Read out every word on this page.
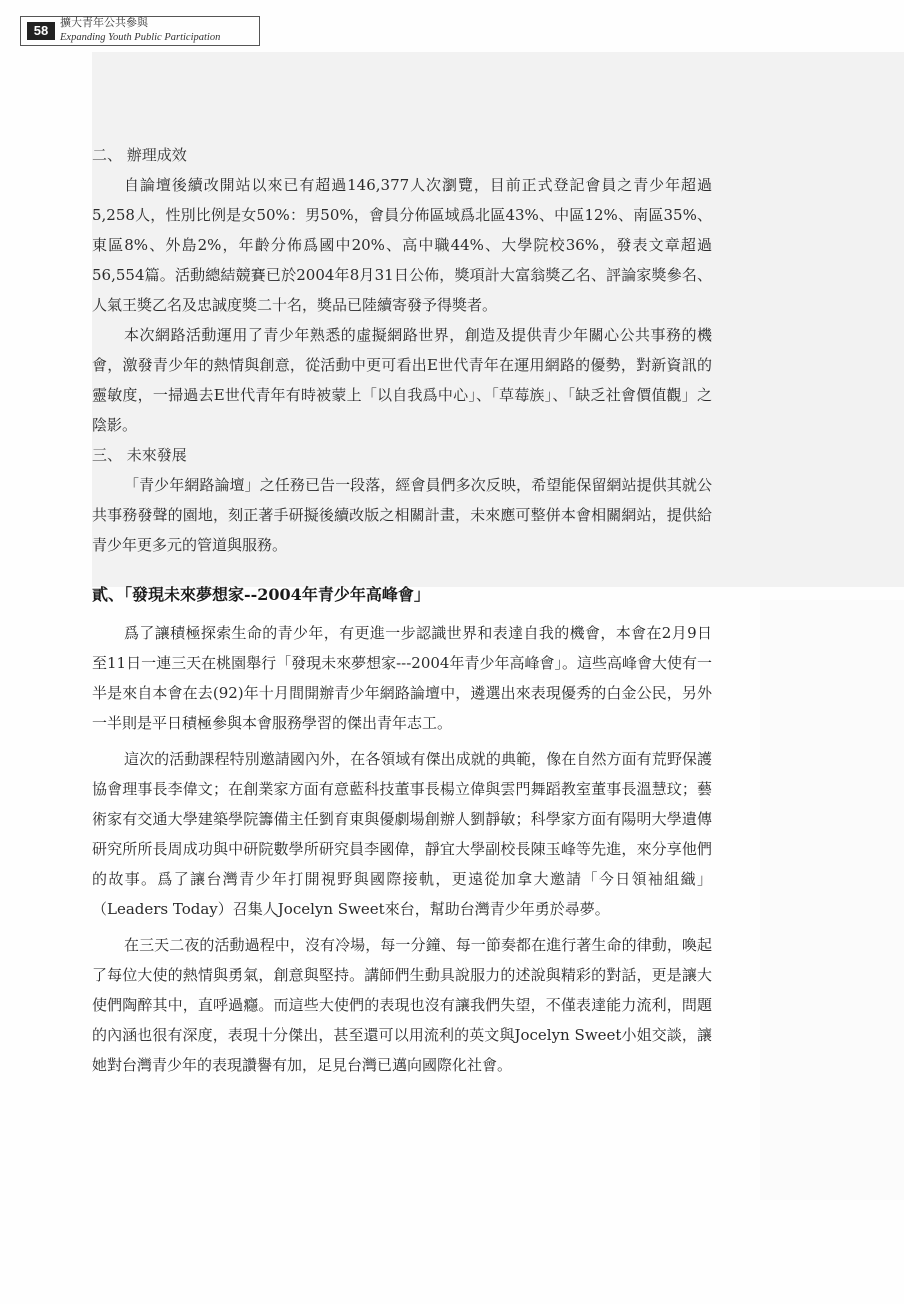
58
擴大青年公共參與
Expanding Youth Public Participation

二、 辦理成效

自論壇後續改開站以來已有超過146,377人次瀏覽，目前正式登記會員之青少年超過5,258人，性別比例是女50%：男50%，會員分佈區域爲北區43%、中區12%、南區35%、東區8%、外島2%，年齡分佈爲國中20%、高中職44%、大學院校36%，發表文章超過56,554篇。活動總結競賽已於2004年8月31日公佈，獎項計大富翁獎乙名、評論家獎參名、人氣王獎乙名及忠誠度獎二十名，獎品已陸續寄發予得獎者。

本次網路活動運用了青少年熟悉的虛擬網路世界，創造及提供青少年關心公共事務的機會，激發青少年的熱情與創意，從活動中更可看出E世代青年在運用網路的優勢，對新資訊的靈敏度，一掃過去E世代青年有時被蒙上「以自我爲中心」、「草莓族」、「缺乏社會價值觀」之陰影。

三、 未來發展

「青少年網路論壇」之任務已告一段落，經會員們多次反映，希望能保留網站提供其就公共事務發聲的園地，刻正著手研擬後續改版之相關計畫，未來應可整併本會相關網站，提供給青少年更多元的管道與服務。

貳、「發現未來夢想家--2004年青少年高峰會」

爲了讓積極探索生命的青少年，有更進一步認識世界和表達自我的機會，本會在2月9日至11日一連三天在桃園舉行「發現未來夢想家---2004年青少年高峰會」。這些高峰會大使有一半是來自本會在去(92)年十月間開辦青少年網路論壇中，遴選出來表現優秀的白金公民，另外一半則是平日積極參與本會服務學習的傑出青年志工。

這次的活動課程特別邀請國內外，在各領域有傑出成就的典範，像在自然方面有荒野保護協會理事長李偉文；在創業家方面有意藍科技董事長楊立偉與雲門舞蹈教室董事長溫慧玟；藝術家有交通大學建築學院籌備主任劉育東與優劇場創辦人劉靜敏；科學家方面有陽明大學遺傳研究所所長周成功與中研院數學所研究員李國偉，靜宜大學副校長陳玉峰等先進，來分享他們的故事。爲了讓台灣青少年打開視野與國際接軌，更遠從加拿大邀請「今日領袖組織」（Leaders Today）召集人Jocelyn Sweet來台，幫助台灣青少年勇於尋夢。

在三天二夜的活動過程中，沒有冷場，每一分鐘、每一節奏都在進行著生命的律動，喚起了每位大使的熱情與勇氣，創意與堅持。講師們生動具說服力的述說與精彩的對話，更是讓大使們陶醉其中，直呼過癮。而這些大使們的表現也沒有讓我們失望，不僅表達能力流利，問題的內涵也很有深度，表現十分傑出，甚至還可以用流利的英文與Jocelyn Sweet小姐交談，讓她對台灣青少年的表現讚譽有加，足見台灣已邁向國際化社會。
